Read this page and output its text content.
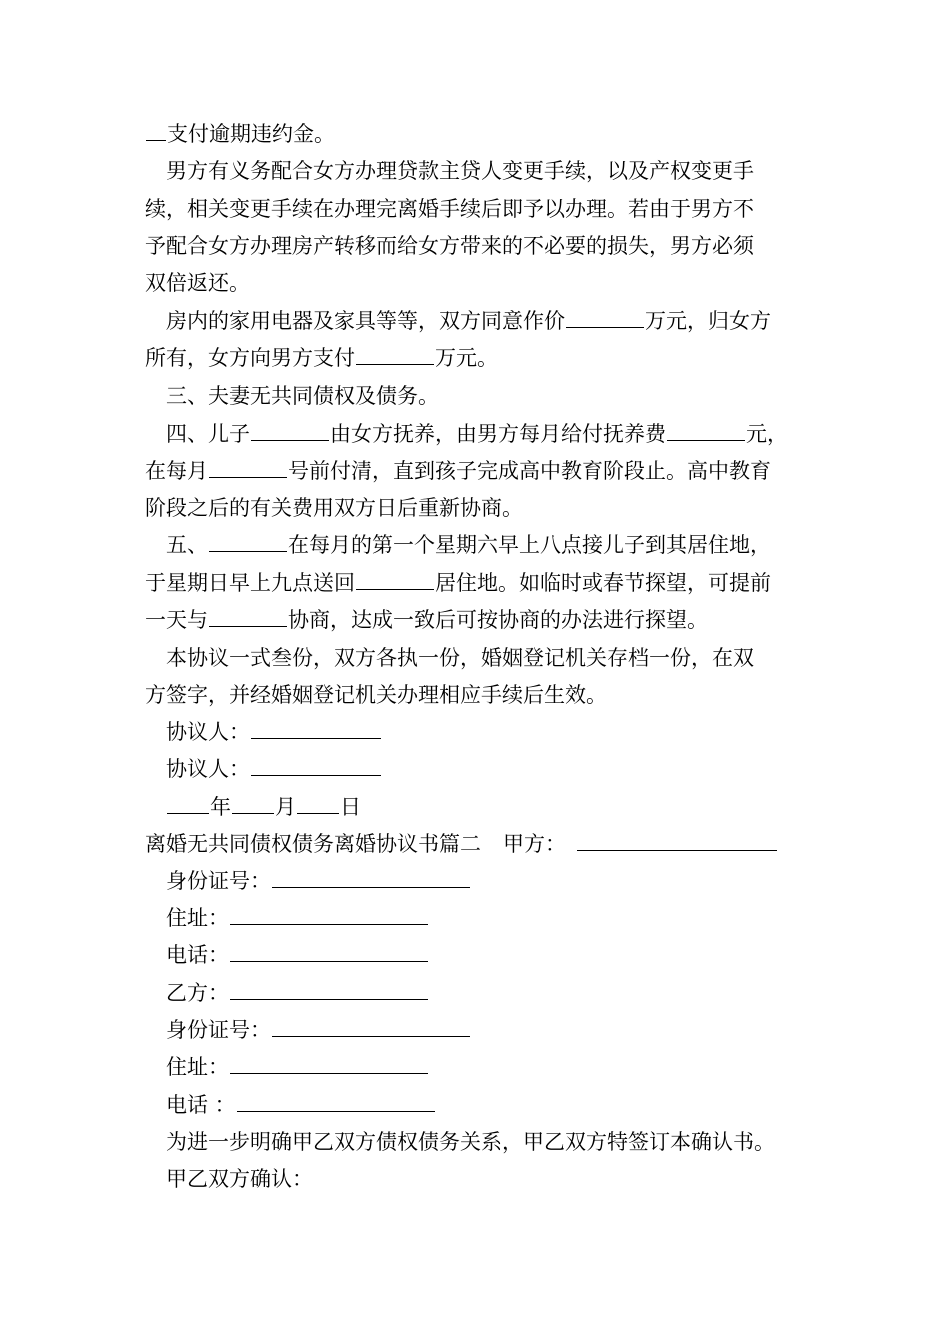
支付逾期违约金。
男方有义务配合女方办理贷款主贷人变更手续，以及产权变更手
续，相关变更手续在办理完离婚手续后即予以办理。若由于男方不
予配合女方办理房产转移而给女方带来的不必要的损失，男方必须
双倍返还。
房内的家用电器及家具等等，双方同意作价	万元，归女方
所有，女方向男方支付	万元。
三、夫妻无共同债权及债务。
四、儿子	由女方抚养，由男方每月给付抚养费	元，
在每月	号前付清，直到孩子完成高中教育阶段止。高中教育
阶段之后的有关费用双方日后重新协商。
五、	在每月的第一个星期六早上八点接儿子到其居住地，
于星期日早上九点送回	居住地。如临时或春节探望，可提前
一天与	协商，达成一致后可按协商的办法进行探望。
本协议一式叁份，双方各执一份，婚姻登记机关存档一份，在双
方签字，并经婚姻登记机关办理相应手续后生效。
协议人：
协议人：
年 月 日
离婚无共同债权债务离婚协议书篇二 甲方：
身份证号：
住址：
电话：
乙方：
身份证号：
住址：
电话 ：
为进一步明确甲乙双方债权债务关系，甲乙双方特签订本确认书。
甲乙双方确认：
